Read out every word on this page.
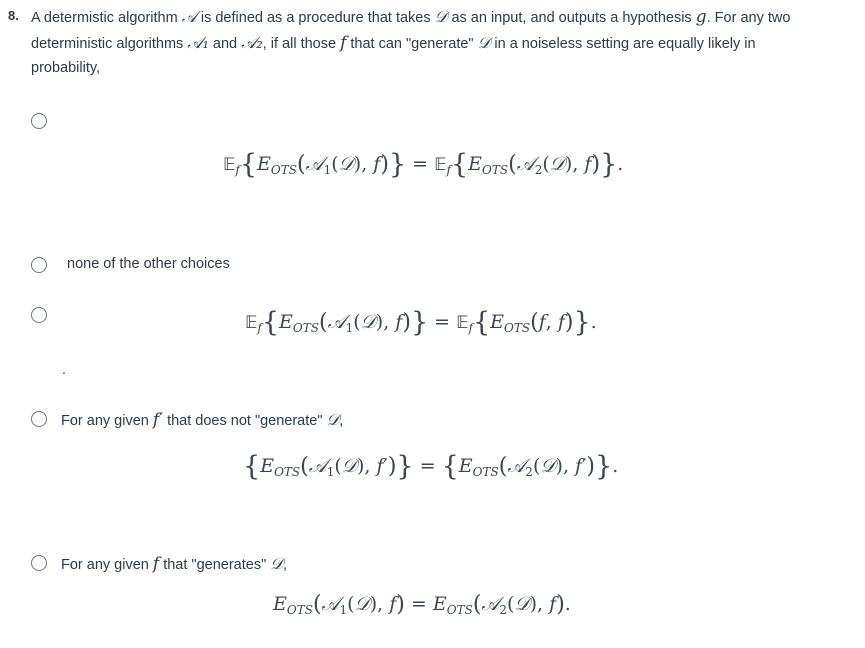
8. A determistic algorithm 𝒜 is defined as a procedure that takes 𝒟 as an input, and outputs a hypothesis g. For any two deterministic algorithms 𝒜₁ and 𝒜₂, if all those f that can "generate" 𝒟 in a noiseless setting are equally likely in probability,
$𝔼_f\{E_{OTS}(𝒜_1(𝒟)$, $f)\} = 𝔼_f\{E_{OTS}(𝒜_2(𝒟)$, f)}.
none of the other choices
$𝔼_f\{E_{OTS}(𝒜_1(𝒟)$, $f)\} = 𝔼_f\{E_{OTS}(f$, f)}.
.
For any given f′ that does not "generate" 𝒟,
{$E_{OTS}(𝒜_1(𝒟)$, $f')\} = \{E_{OTS}(𝒜_2(𝒟)$, f′)}.
For any given f that "generates" 𝒟,
$E_{OTS}(𝒜_1(𝒟)$, $f) = E_{OTS}(𝒜_2(𝒟)$, f).
